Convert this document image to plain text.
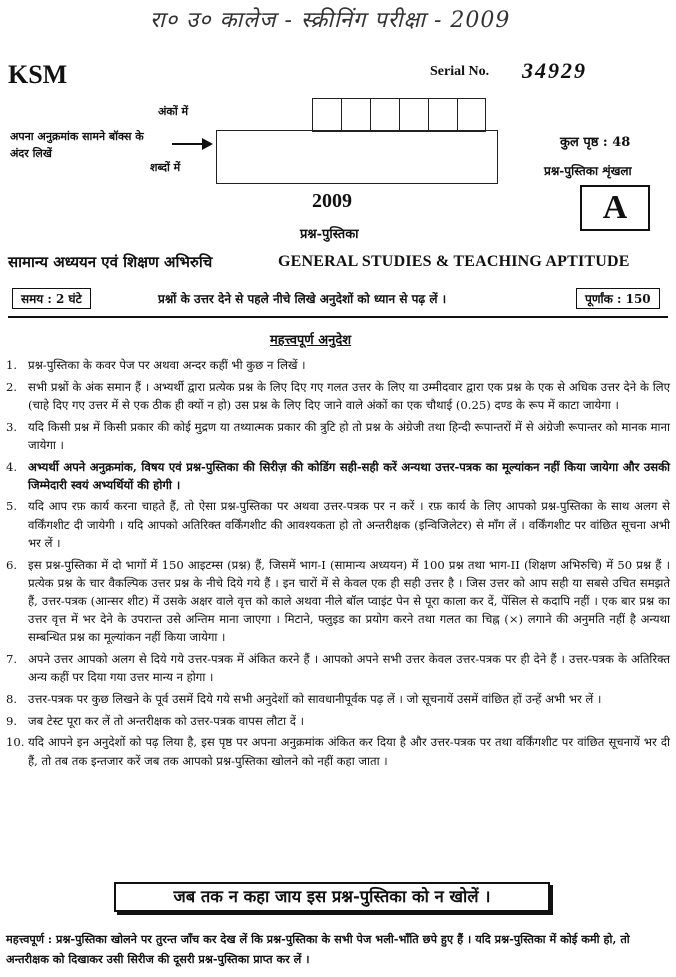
रा० उ० कालेज - स्क्रीनिंग परीक्षा - 2009
KSM	Serial No. 34929
अंकों में
अपना अनुक्रमांक सामने बॉक्स के अंदर लिखें
शब्दों में
कुल पृष्ठ : 48
प्रश्न-पुस्तिका शृंखला
A
2009
प्रश्न-पुस्तिका
सामान्य अध्ययन एवं शिक्षण अभिरुचि	GENERAL STUDIES & TEACHING APTITUDE
समय : 2 घंटे	प्रश्नों के उत्तर देने से पहले नीचे लिखे अनुदेशों को ध्यान से पढ़ लें ।	पूर्णांक : 150
महत्त्वपूर्ण अनुदेश
1. प्रश्न-पुस्तिका के कवर पेज पर अथवा अन्दर कहीं भी कुछ न लिखें ।
2. सभी प्रश्नों के अंक समान हैं । अभ्यर्थी द्वारा प्रत्येक प्रश्न के लिए दिए गए गलत उत्तर के लिए या उम्मीदवार द्वारा एक प्रश्न के एक से अधिक उत्तर देने के लिए (चाहे दिए गए उत्तर में से एक ठीक ही क्यों न हो) उस प्रश्न के लिए दिए जाने वाले अंकों का एक चौथाई (0.25) दण्ड के रूप में काटा जायेगा ।
3. यदि किसी प्रश्न में किसी प्रकार की कोई मुद्रण या तथ्यात्मक प्रकार की त्रुटि हो तो प्रश्न के अंग्रेजी तथा हिन्दी रूपान्तरों में से अंग्रेजी रूपान्तर को मानक माना जायेगा ।
4. अभ्यर्थी अपने अनुक्रमांक, विषय एवं प्रश्न-पुस्तिका की सिरीज़ की कोडिंग सही-सही करें अन्यथा उत्तर-पत्रक का मूल्यांकन नहीं किया जायेगा और उसकी जिम्मेदारी स्वयं अभ्यर्थियों की होगी ।
5. यदि आप रफ़ कार्य करना चाहते हैं, तो ऐसा प्रश्न-पुस्तिका पर अथवा उत्तर-पत्रक पर न करें । रफ़ कार्य के लिए आपको प्रश्न-पुस्तिका के साथ अलग से वर्किंगशीट दी जायेगी । यदि आपको अतिरिक्त वर्किंगशीट की आवश्यकता हो तो अन्तरीक्षक (इन्विजिलेटर) से माँग लें । वर्किंगशीट पर वांछित सूचना अभी भर लें ।
6. इस प्रश्न-पुस्तिका में दो भागों में 150 आइटम्स (प्रश्न) हैं, जिसमें भाग-I (सामान्य अध्ययन) में 100 प्रश्न तथा भाग-II (शिक्षण अभिरुचि) में 50 प्रश्न हैं । प्रत्येक प्रश्न के चार वैकल्पिक उत्तर प्रश्न के नीचे दिये गये हैं । इन चारों में से केवल एक ही सही उत्तर है । जिस उत्तर को आप सही या सबसे उचित समझते हैं, उत्तर-पत्रक (आन्सर शीट) में उसके अक्षर वाले वृत्त को काले अथवा नीले बॉल प्वाइंट पेन से पूरा काला कर दें, पेंसिल से कदापि नहीं । एक बार प्रश्न का उत्तर वृत्त में भर देने के उपरान्त उसे अन्तिम माना जाएगा । मिटाने, फ्लुइड का प्रयोग करने तथा गलत का चिह्न (×) लगाने की अनुमति नहीं है अन्यथा सम्बन्धित प्रश्न का मूल्यांकन नहीं किया जायेगा ।
7. अपने उत्तर आपको अलग से दिये गये उत्तर-पत्रक में अंकित करने हैं । आपको अपने सभी उत्तर केवल उत्तर-पत्रक पर ही देने हैं । उत्तर-पत्रक के अतिरिक्त अन्य कहीं पर दिया गया उत्तर मान्य न होगा ।
8. उत्तर-पत्रक पर कुछ लिखने के पूर्व उसमें दिये गये सभी अनुदेशों को सावधानीपूर्वक पढ़ लें । जो सूचनायें उसमें वांछित हों उन्हें अभी भर लें ।
9. जब टेस्ट पूरा कर लें तो अन्तरीक्षक को उत्तर-पत्रक वापस लौटा दें ।
10. यदि आपने इन अनुदेशों को पढ़ लिया है, इस पृष्ठ पर अपना अनुक्रमांक अंकित कर दिया है और उत्तर-पत्रक पर तथा वर्किंगशीट पर वांछित सूचनायें भर दी हैं, तो तब तक इन्तजार करें जब तक आपको प्रश्न-पुस्तिका खोलने को नहीं कहा जाता ।
जब तक न कहा जाय इस प्रश्न-पुस्तिका को न खोलें ।
महत्त्वपूर्ण : प्रश्न-पुस्तिका खोलने पर तुरन्त जाँच कर देख लें कि प्रश्न-पुस्तिका के सभी पेज भली-भाँति छपे हुए हैं । यदि प्रश्न-पुस्तिका में कोई कमी हो, तो अन्तरीक्षक को दिखाकर उसी सिरीज की दूसरी प्रश्न-पुस्तिका प्राप्त कर लें ।
